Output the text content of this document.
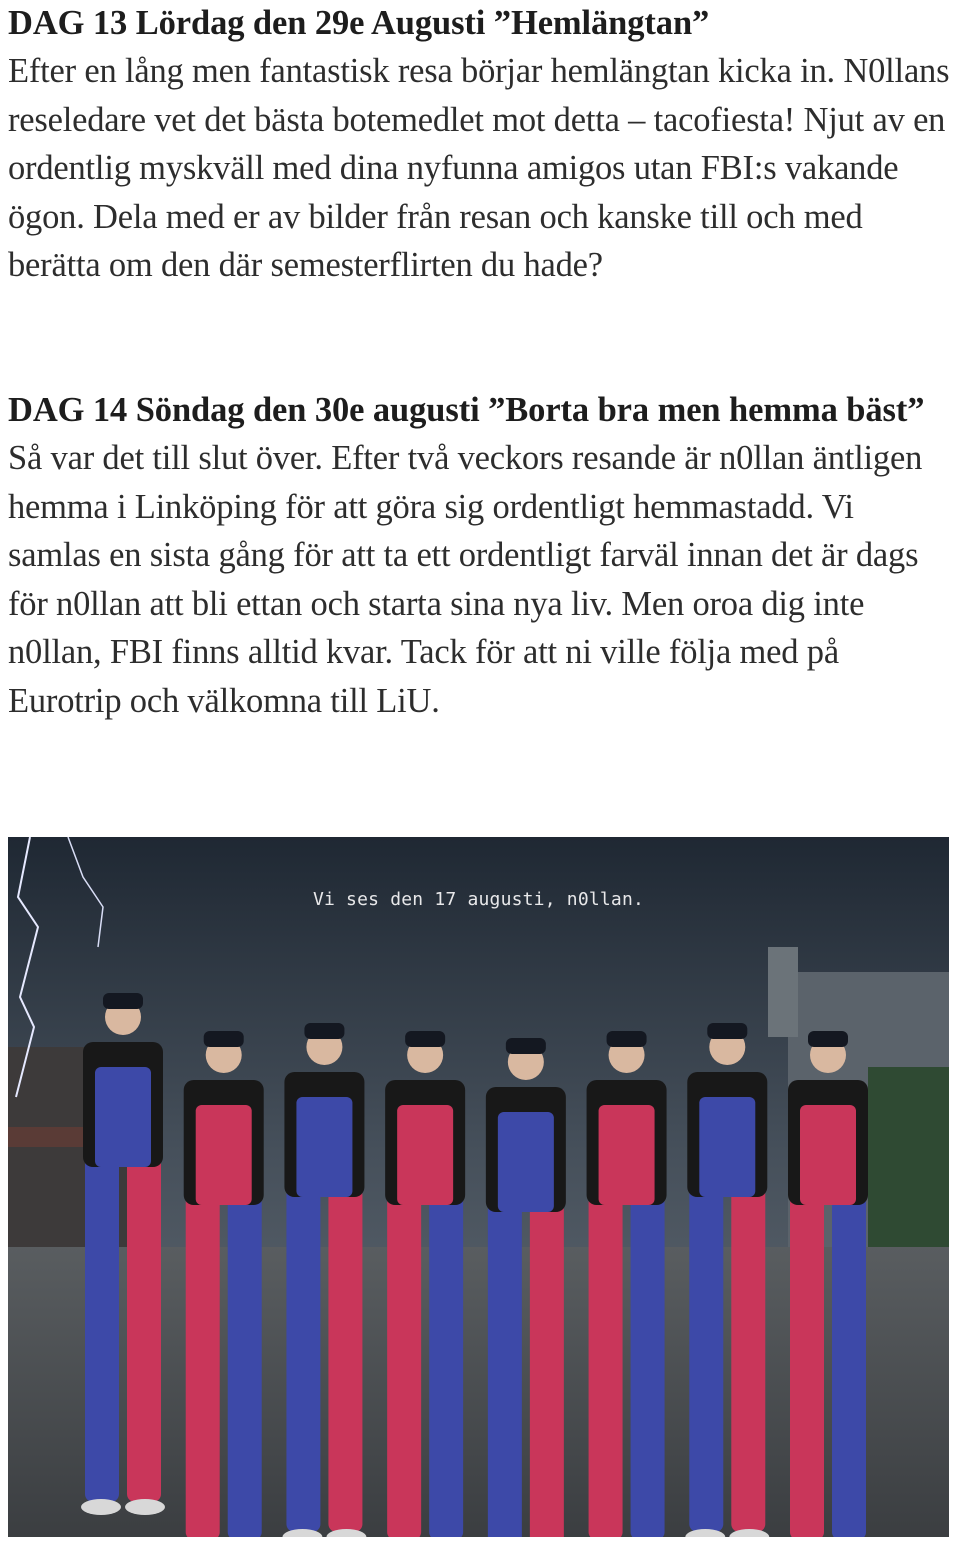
DAG 13 Lördag den 29e Augusti ”Hemlängtan”

Efter en lång men fantastisk resa börjar hemlängtan kicka in. N0llans reseledare vet det bästa botemedlet mot detta – tacofiesta! Njut av en ordentlig myskväll med dina nyfunna amigos utan FBI:s vakande ögon. Dela med er av bilder från resan och kanske till och med berätta om den där semesterflirten du hade?

DAG 14 Söndag den 30e augusti ”Borta bra men hemma bäst”

Så var det till slut över. Efter två veckors resande är n0llan äntligen hemma i Linköping för att göra sig ordentligt hemmastadd. Vi samlas en sista gång för att ta ett ordentligt farväl innan det är dags för n0llan att bli ettan och starta sina nya liv. Men oroa dig inte n0llan, FBI finns alltid kvar. Tack för att ni ville följa med på Eurotrip och välkomna till LiU.

Vi ses den 17 augusti, n0llan.
